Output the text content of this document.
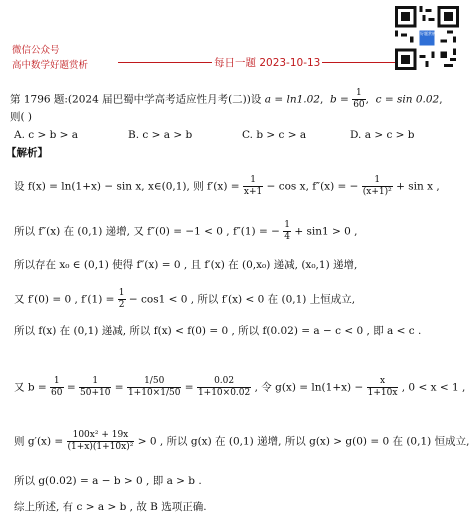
微信公众号
高中数学好题赏析	每日一题 2023-10-13
好题赏析
第 1796 题:(2024 届巴蜀中学高考适应性月考(二))设 a = ln1.02,  $b = \frac{1}{60}$ ,  c = sin 0.02,
则( )
A. c > b > a	B. c > a > b	C. b > c > a	D. a > c > b
【解析】
设 f(x) = ln(1+x) − sin x, x∈(0,1), 则 $f'(x) = \frac{1}{x+1} - \cos x$, f″(x) = − $\frac{1}{\text{(x+1)²}} + \sin x$ ,
所以 f″(x) 在 (0,1) 递增, 又 f″(0) = −1 < 0 , f″(1) = − $\frac{1}{4} + \sin 1 > 0$ ,
所以存在 x₀ ∈ (0,1) 使得 f″(x) = 0 , 且 f′(x) 在 (0,x₀) 递减, (x₀,1) 递增,
又 f′(0) = 0 , $f'(1) = \frac{1}{2} - \cos 1 < 0$ , 所以 f′(x) < 0 在 (0,1) 上恒成立,
所以 f(x) 在 (0,1) 递减, 所以 f(x) < f(0) = 0 , 所以 f(0.02) = a − c < 0 , 即 a < c .
又 $b = \frac{1}{60} = \frac{1}{50+10} = \frac{1/50}{1+10\times 1/50} = \frac{0.02}{1+10\times 0.02}$ , 令 $g(x) = \ln(1+x) - \frac{x}{1+10x}$ , 0 < x < 1 ,
则 $g'(x) = \frac{\text{100x² + 19x}}{\text{(1+x)(1+10x)²}} > 0$ , 所以 g(x) 在 (0,1) 递增, 所以 g(x) > g(0) = 0 在 (0,1) 恒成立,
所以 g(0.02) = a − b > 0 , 即 a > b .
综上所述, 有 c > a > b , 故 B 选项正确.
